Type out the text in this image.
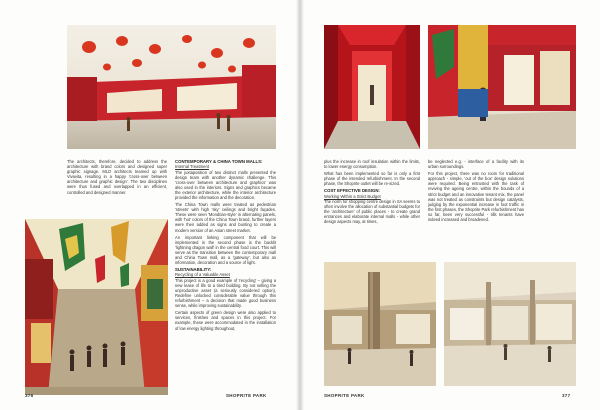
The architects, therefore, decided to address the architecture with brand colors and designed super graphic signage. MLD architects teamed up with Vivavita, resulting in a happy 'cross-over between architecture and graphic design'. The two disciplines were thus fused and overlapped in an efficient, controlled and designed manner.

CONTEMPORARY & CHINA TOWN MALLS:
Internal Treatment

The juxtaposition of two distinct malls presented the design team with another dynamic challenge. This 'cross-over between architecture and graphics' was also used in the interiors. Signs and graphics became the exterior architecture, while the interior architecture provided the information and the decoration.

The China Town malls were treated as pedestrian 'streets' with high 'sky' ceilings and bright façades. These were seen 'Mondrian-style' in alternating panels, with 'hot' colors of the China Town brand, further layers were then added as signs and bunting to create a modern version of an Asian street market.

An important linking component that will be implemented in the second phase is the backlit 'lightning dragon wall' in the central food court. This will serve as the transition between the contemporary mall and China Town mall, as a 'gateway', but also as information, decoration and a source of light.

SUSTAINABILITY:
Recycling of a Valuable Asset

This project is a good example of 'recycling' – giving a new lease of life to a tired building. By not selling the unproductive asset (a seriously considered option), Redefine unlocked considerable value through this refurbishment – a decision that made good business sense, while improving sustainability.

Certain aspects of green design were also applied to services, finishes and spaces in this project. For example, these were accommodated in the installation of low energy lighting throughout,

376	SHOPRITE PARK

plus the increase in roof insulation within the limits, to lower energy consumption.

What has been implemented so far is only a first phase of the intended refurbishment. In the second phase, the Shoprite outlet will be re-sized.

COST EFFECTIVE DESIGN:
Working Within a Strict Budget

The norm for shopping centre design in SA seems to often involve the allocation of substantial budgets for the 'architecture' of public places - to create grand entrances and elaborate internal malls - while other design aspects may, at times,

be neglected e.g. - interface of a facility with its urban surroundings.

For this project, there was no room for traditional approach - simple, 'out of the box' design solutions were required. Being entrusted with the task of reviving the ageing centre, within the bounds of a strict budget and an innovative tenant mix, the panel was not treated as constraints but design catalysts, judging by the exponential increase in foot traffic in the first phases, the Shoprite Park refurbishment has so far, been very successful - tills tenants have indeed increased and broadened.

SHOPRITE PARK	377
